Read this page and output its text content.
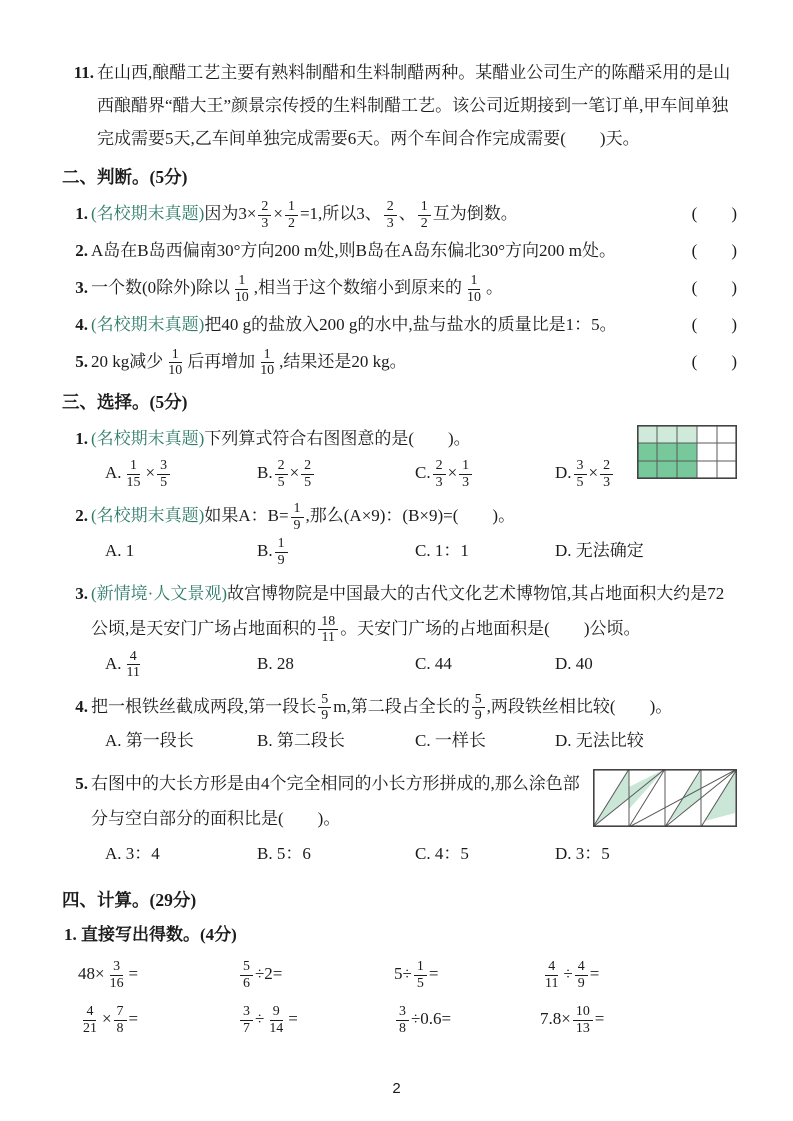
11. 在山西,酿醋工艺主要有熟料制醋和生料制醋两种。某醋业公司生产的陈醋采用的是山西酿醋界“醋大王”颜景宗传授的生料制醋工艺。该公司近期接到一笔订单,甲车间单独完成需要5天,乙车间单独完成需要6天。两个车间合作完成需要(　　)天。
二、判断。(5分)
1. (名校期末真题)因为$3\times \frac{2}{3} \times \frac{1}{2} =1$,所以3、 $\frac{2}{3}$ 、 $\frac{1}{2}$ 互为倒数。	(　　)
2. A岛在B岛西偏南30°方向200 m处,则B岛在A岛东偏北30°方向200 m处。	(　　)
3. 一个数(0除外)除以 $\frac{1}{10}$ ,相当于这个数缩小到原来的 $\frac{1}{10}$ 。	(　　)
4. (名校期末真题)把40 g的盐放入200 g的水中,盐与盐水的质量比是1：5。	(　　)
5. 20 kg减少 $\frac{1}{10}$ 后再增加 $\frac{1}{10}$ ,结果还是20 kg。	(　　)
三、选择。(5分)
1. (名校期末真题)下列算式符合右图图意的是(　　)。
A. $\frac{1}{15} \times \frac{3}{5}$	B. $\frac{2}{5} \times \frac{2}{5}$	C. $\frac{2}{3} \times \frac{1}{3}$	D. $\frac{3}{5} \times \frac{2}{3}$
2. (名校期末真题)如果A：$B= \frac{1}{9}$ ,那么(A×9)：(B×9)=(　　)。
A. 1	B. $\frac{1}{9}$	C. 1：1	D. 无法确定
3. (新情境·人文景观)故宫博物院是中国最大的古代文化艺术博物馆,其占地面积大约是72公顷,是天安门广场占地面积的 $\frac{18}{11}$ 。天安门广场的占地面积是(　　)公顷。
A. $\frac{4}{11}$	B. 28	C. 44	D. 40
4. 把一根铁丝截成两段,第一段长 $\frac{5}{9} m$,第二段占全长的 $\frac{5}{9}$ ,两段铁丝相比较(　　)。
A. 第一段长	B. 第二段长	C. 一样长	D. 无法比较
5. 右图中的大长方形是由4个完全相同的小长方形拼成的,那么涂色部分与空白部分的面积比是(　　)。
A. 3：4	B. 5：6	C. 4：5	D. 3：5
四、计算。(29分)
1. 直接写出得数。(4分)
$48\times \frac{3}{16}$ =	$\frac{5}{6} \div 2=$	$5\div \frac{1}{5}$ =	$\frac{4}{11} \div \frac{4}{9}$ =
$\frac{4}{21} \times \frac{7}{8}$ =	$\frac{3}{7} \div \frac{9}{14}$ =	$\frac{3}{8} \div 0.6=$	$7.8\times \frac{10}{13}$ =
2
